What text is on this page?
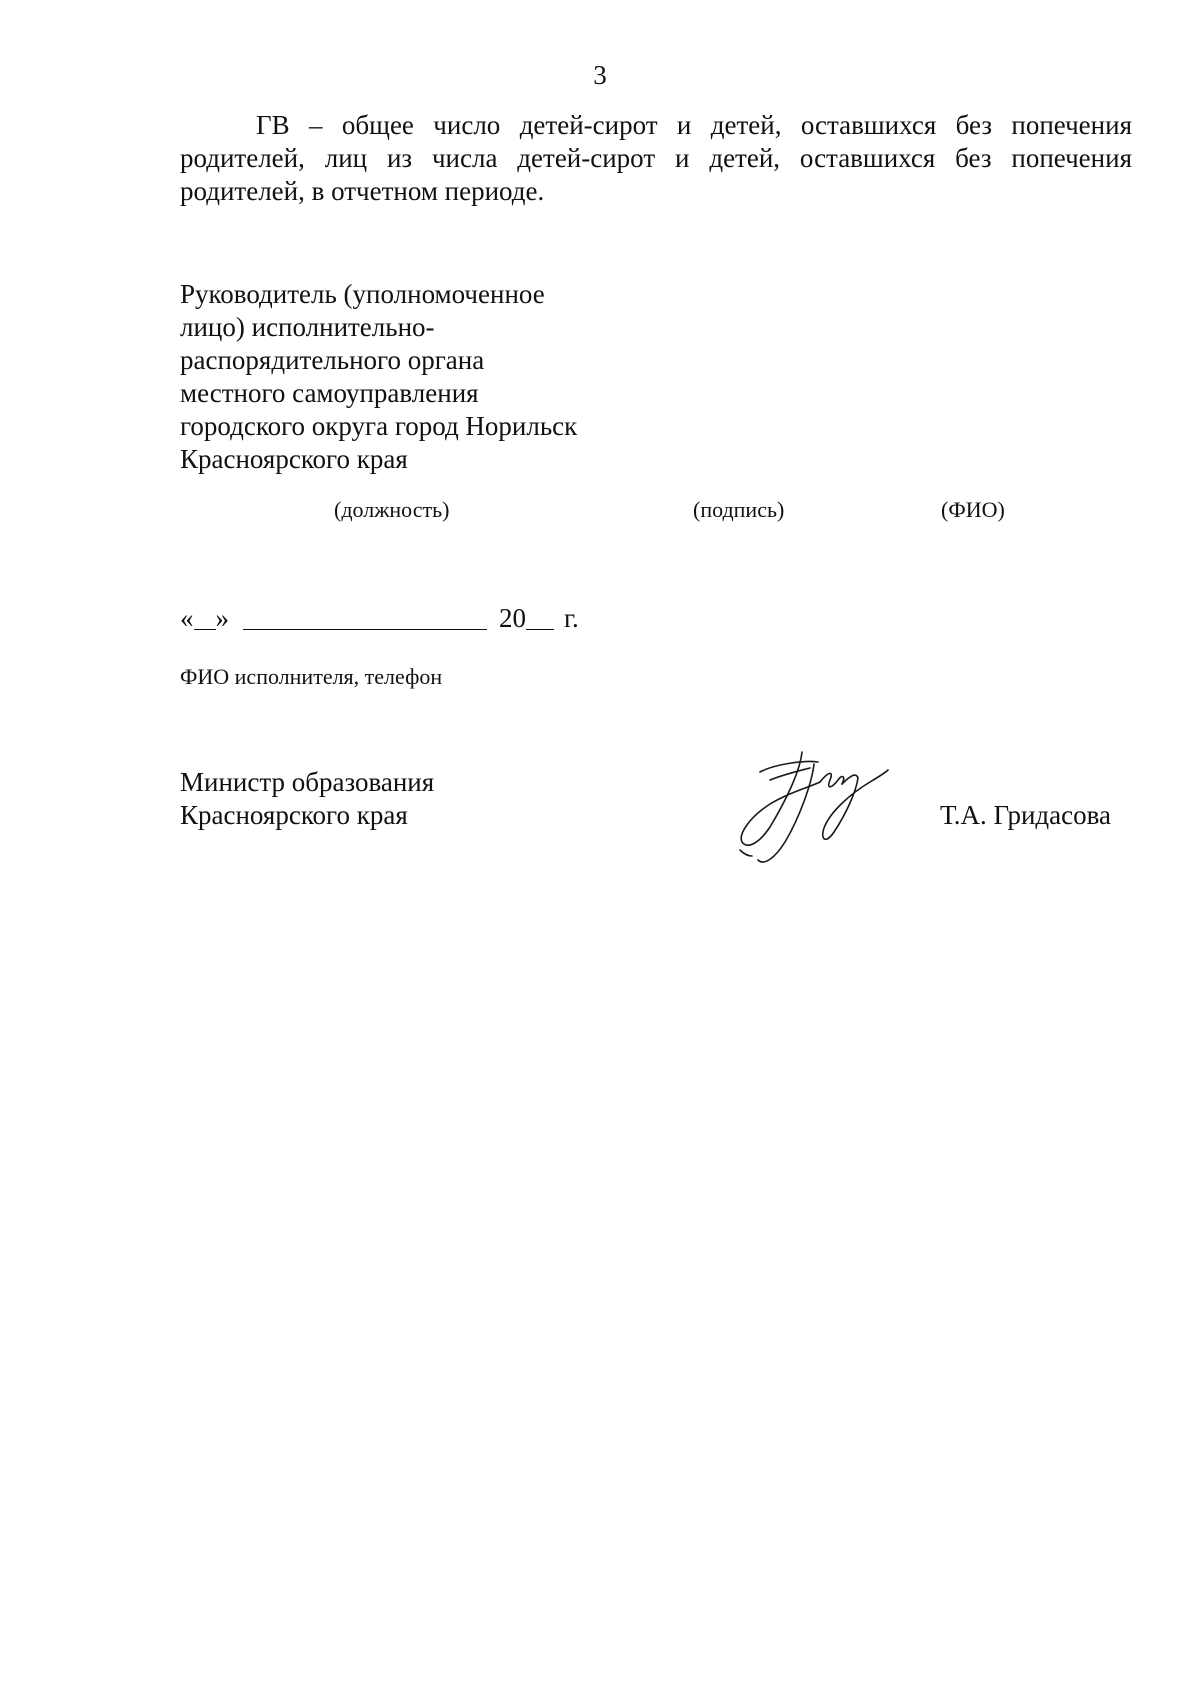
3

ГВ – общее число детей-сирот и детей, оставшихся без попечения родителей, лиц из числа детей-сирот и детей, оставшихся без попечения родителей, в отчетном периоде.

Руководитель (уполномоченное
лицо) исполнительно-
распорядительного органа
местного самоуправления
городского округа город Норильск
Красноярского края
(должность)	(подпись)	(ФИО)
« »	20 г.
ФИО исполнителя, телефон
Министр образования
Красноярского края	Т.А. Гридасова
